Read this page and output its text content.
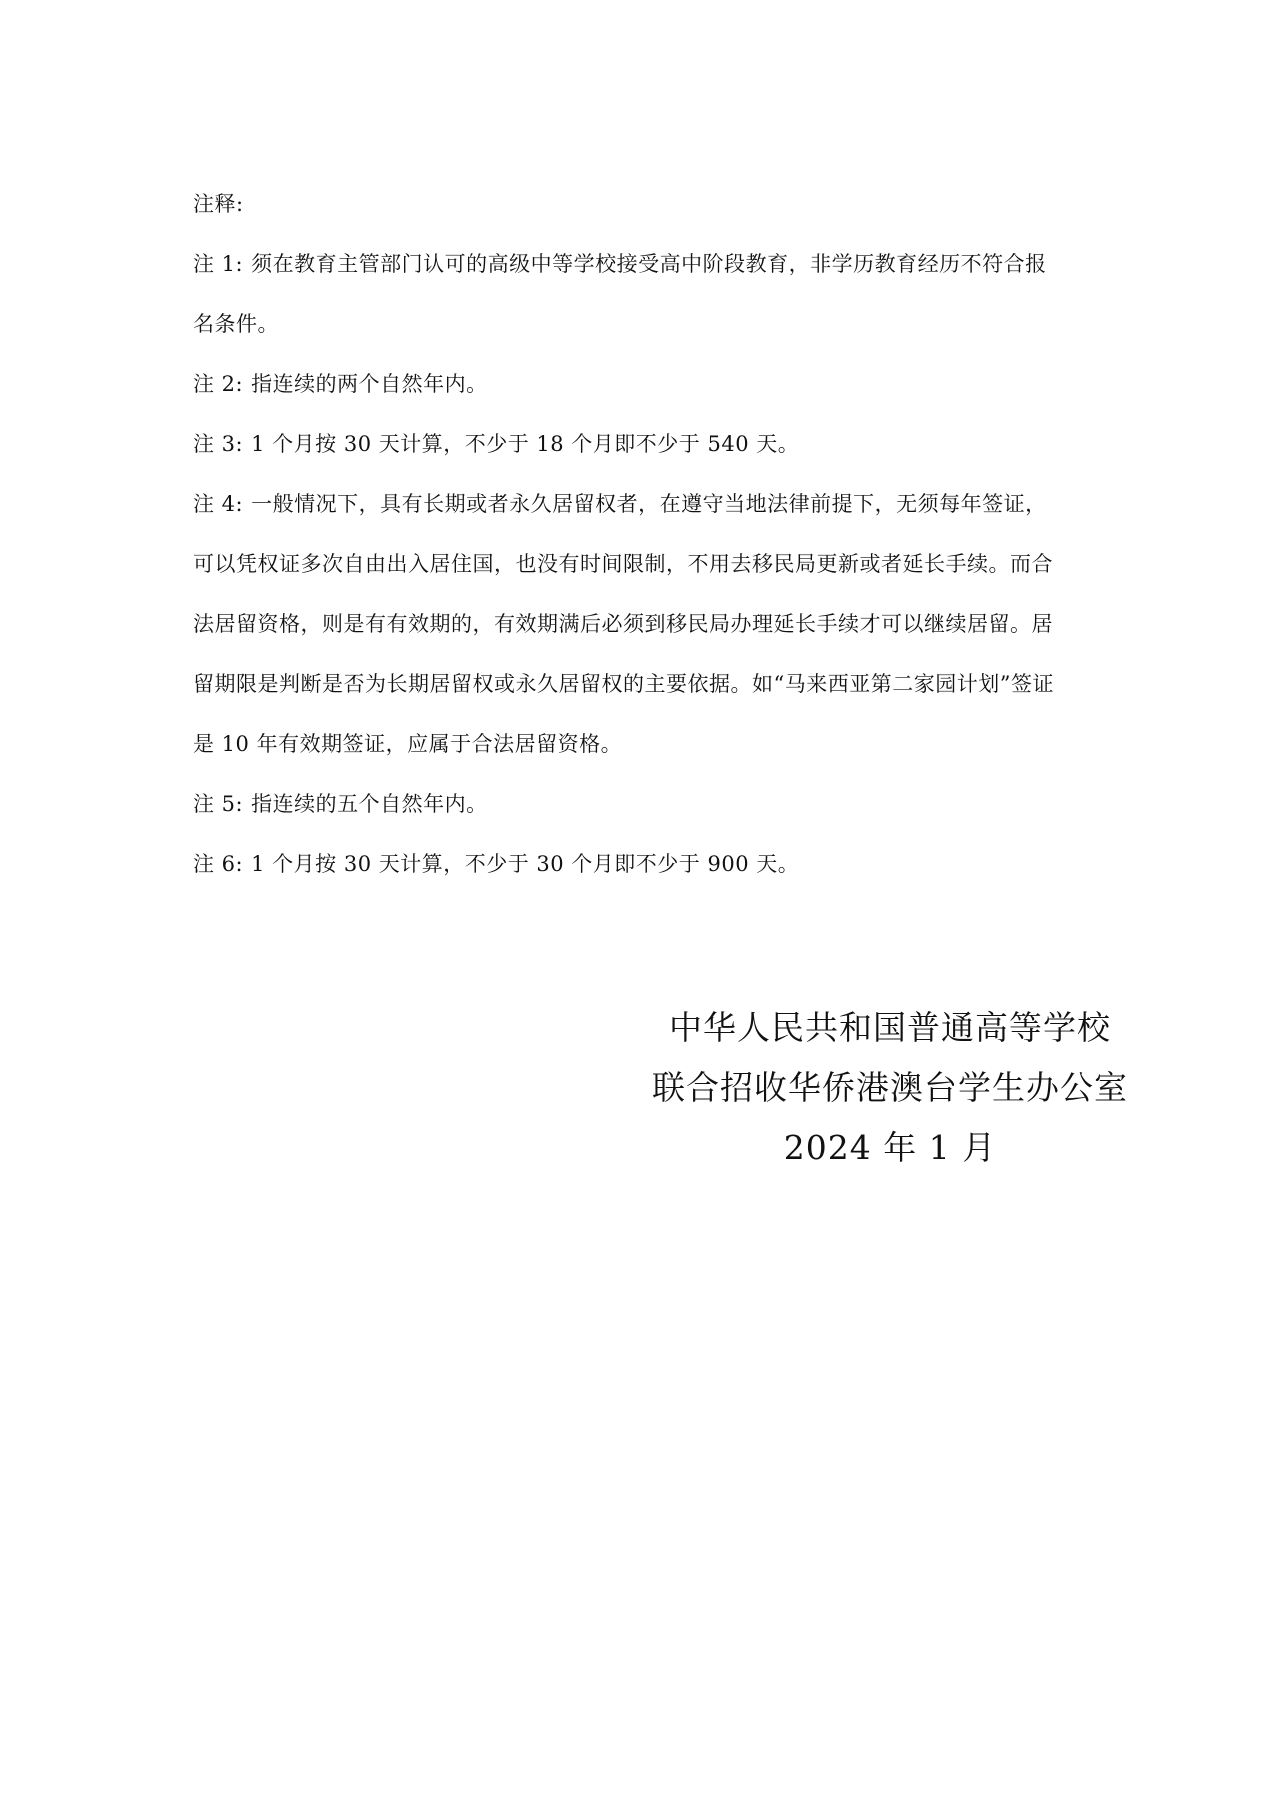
注释:
注 1: 须在教育主管部门认可的高级中等学校接受高中阶段教育，非学历教育经历不符合报
名条件。
注 2: 指连续的两个自然年内。
注 3: 1 个月按 30 天计算，不少于 18 个月即不少于 540 天。
注 4: 一般情况下，具有长期或者永久居留权者，在遵守当地法律前提下，无须每年签证，
可以凭权证多次自由出入居住国，也没有时间限制，不用去移民局更新或者延长手续。而合
法居留资格，则是有有效期的，有效期满后必须到移民局办理延长手续才可以继续居留。居
留期限是判断是否为长期居留权或永久居留权的主要依据。如“马来西亚第二家园计划”签证
是 10 年有效期签证，应属于合法居留资格。
注 5: 指连续的五个自然年内。
注 6: 1 个月按 30 天计算，不少于 30 个月即不少于 900 天。
中华人民共和国普通高等学校
联合招收华侨港澳台学生办公室
2024 年 1 月
